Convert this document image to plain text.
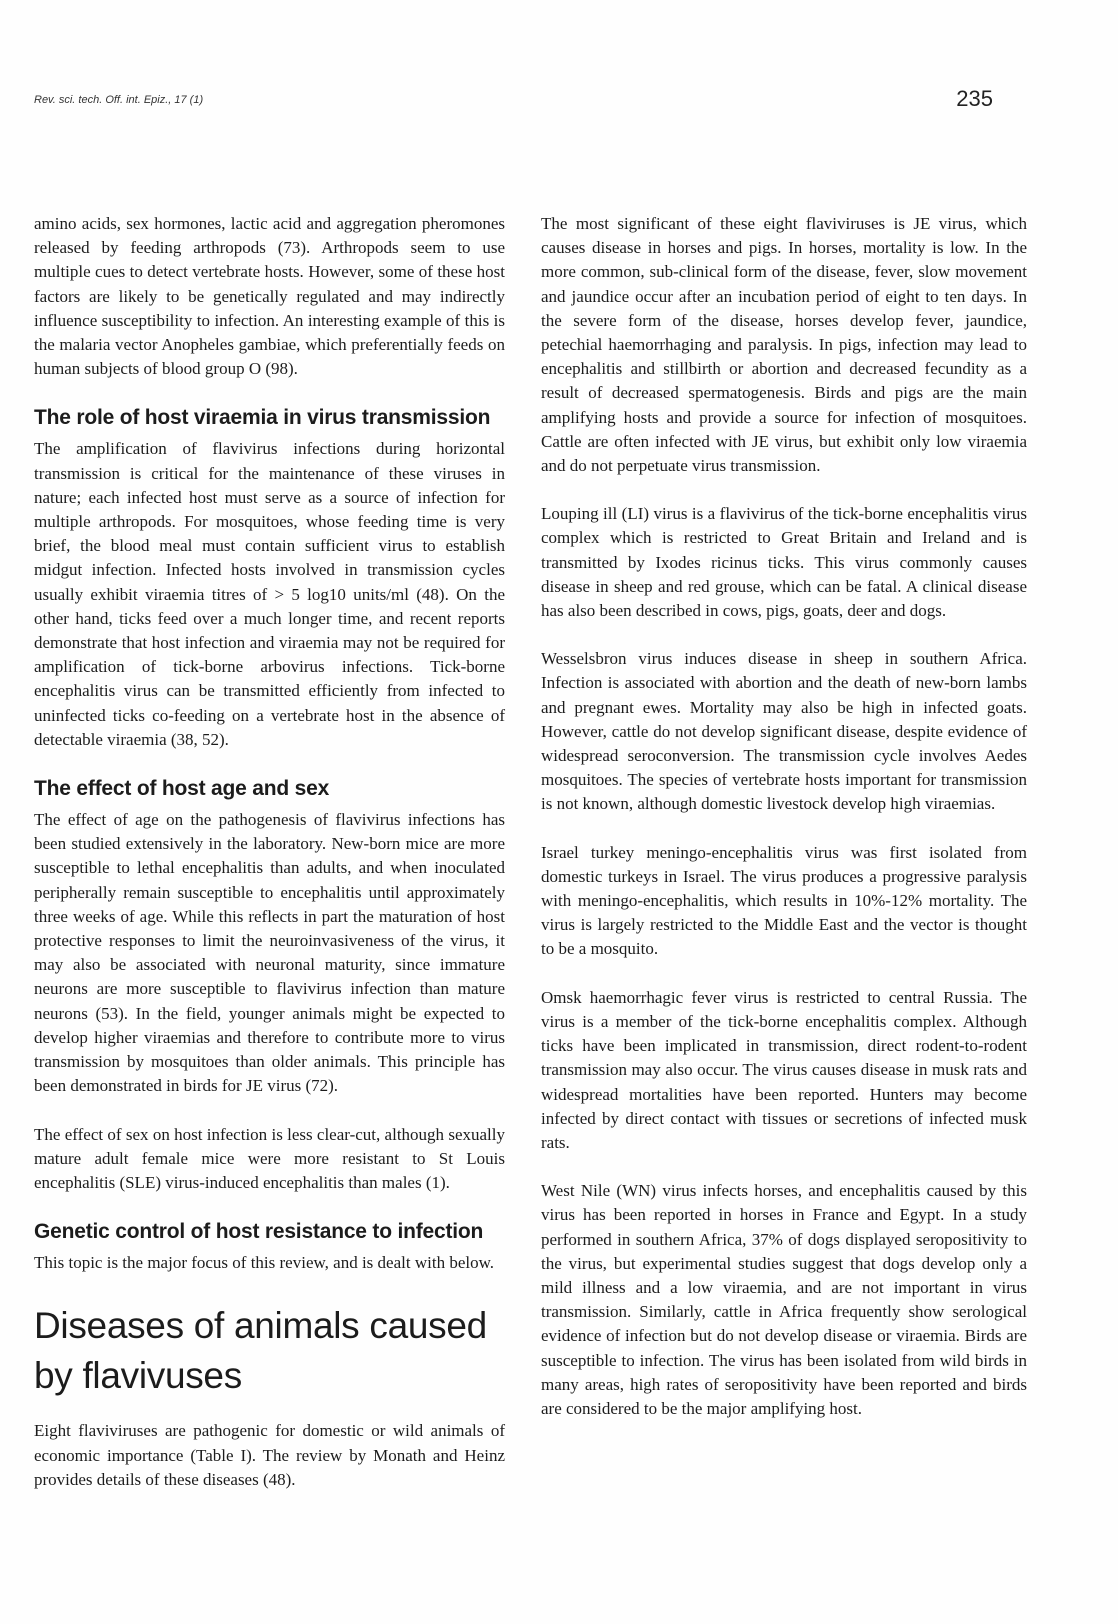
Rev. sci. tech. Off. int. Epiz., 17 (1)	235

amino acids, sex hormones, lactic acid and aggregation pheromones released by feeding arthropods (73). Arthropods seem to use multiple cues to detect vertebrate hosts. However, some of these host factors are likely to be genetically regulated and may indirectly influence susceptibility to infection. An interesting example of this is the malaria vector Anopheles gambiae, which preferentially feeds on human subjects of blood group O (98).

The role of host viraemia in virus transmission

The amplification of flavivirus infections during horizontal transmission is critical for the maintenance of these viruses in nature; each infected host must serve as a source of infection for multiple arthropods. For mosquitoes, whose feeding time is very brief, the blood meal must contain sufficient virus to establish midgut infection. Infected hosts involved in transmission cycles usually exhibit viraemia titres of > 5 log10 units/ml (48). On the other hand, ticks feed over a much longer time, and recent reports demonstrate that host infection and viraemia may not be required for amplification of tick-borne arbovirus infections. Tick-borne encephalitis virus can be transmitted efficiently from infected to uninfected ticks co-feeding on a vertebrate host in the absence of detectable viraemia (38, 52).

The effect of host age and sex

The effect of age on the pathogenesis of flavivirus infections has been studied extensively in the laboratory. New-born mice are more susceptible to lethal encephalitis than adults, and when inoculated peripherally remain susceptible to encephalitis until approximately three weeks of age. While this reflects in part the maturation of host protective responses to limit the neuroinvasiveness of the virus, it may also be associated with neuronal maturity, since immature neurons are more susceptible to flavivirus infection than mature neurons (53). In the field, younger animals might be expected to develop higher viraemias and therefore to contribute more to virus transmission by mosquitoes than older animals. This principle has been demonstrated in birds for JE virus (72).

The effect of sex on host infection is less clear-cut, although sexually mature adult female mice were more resistant to St Louis encephalitis (SLE) virus-induced encephalitis than males (1).

Genetic control of host resistance to infection

This topic is the major focus of this review, and is dealt with below.

Diseases of animals caused by flavivuses

Eight flaviviruses are pathogenic for domestic or wild animals of economic importance (Table I). The review by Monath and Heinz provides details of these diseases (48).

The most significant of these eight flaviviruses is JE virus, which causes disease in horses and pigs. In horses, mortality is low. In the more common, sub-clinical form of the disease, fever, slow movement and jaundice occur after an incubation period of eight to ten days. In the severe form of the disease, horses develop fever, jaundice, petechial haemorrhaging and paralysis. In pigs, infection may lead to encephalitis and stillbirth or abortion and decreased fecundity as a result of decreased spermatogenesis. Birds and pigs are the main amplifying hosts and provide a source for infection of mosquitoes. Cattle are often infected with JE virus, but exhibit only low viraemia and do not perpetuate virus transmission.

Louping ill (LI) virus is a flavivirus of the tick-borne encephalitis virus complex which is restricted to Great Britain and Ireland and is transmitted by Ixodes ricinus ticks. This virus commonly causes disease in sheep and red grouse, which can be fatal. A clinical disease has also been described in cows, pigs, goats, deer and dogs.

Wesselsbron virus induces disease in sheep in southern Africa. Infection is associated with abortion and the death of new-born lambs and pregnant ewes. Mortality may also be high in infected goats. However, cattle do not develop significant disease, despite evidence of widespread seroconversion. The transmission cycle involves Aedes mosquitoes. The species of vertebrate hosts important for transmission is not known, although domestic livestock develop high viraemias.

Israel turkey meningo-encephalitis virus was first isolated from domestic turkeys in Israel. The virus produces a progressive paralysis with meningo-encephalitis, which results in 10%-12% mortality. The virus is largely restricted to the Middle East and the vector is thought to be a mosquito.

Omsk haemorrhagic fever virus is restricted to central Russia. The virus is a member of the tick-borne encephalitis complex. Although ticks have been implicated in transmission, direct rodent-to-rodent transmission may also occur. The virus causes disease in musk rats and widespread mortalities have been reported. Hunters may become infected by direct contact with tissues or secretions of infected musk rats.

West Nile (WN) virus infects horses, and encephalitis caused by this virus has been reported in horses in France and Egypt. In a study performed in southern Africa, 37% of dogs displayed seropositivity to the virus, but experimental studies suggest that dogs develop only a mild illness and a low viraemia, and are not important in virus transmission. Similarly, cattle in Africa frequently show serological evidence of infection but do not develop disease or viraemia. Birds are susceptible to infection. The virus has been isolated from wild birds in many areas, high rates of seropositivity have been reported and birds are considered to be the major amplifying host.
